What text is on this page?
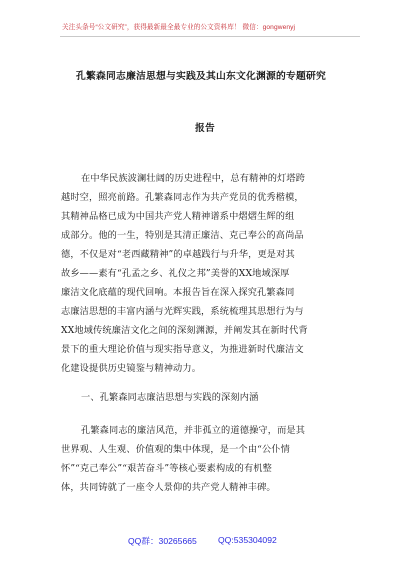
关注头条号“公文研究”，获得最新最全最专业的公文资料库！ 微信：gongwenyj
孔繁森同志廉洁思想与实践及其山东文化渊源的专题研究
报告
在中华民族波澜壮阔的历史进程中，总有精神的灯塔跨
越时空，照亮前路。孔繁森同志作为共产党员的优秀楷模，
其精神品格已成为中国共产党人精神谱系中熠熠生辉的组
成部分。他的一生，特别是其清正廉洁、克己奉公的高尚品
德，不仅是对“老西藏精神”的卓越践行与升华，更是对其
故乡——素有“孔孟之乡、礼仪之邦”美誉的XX地域深厚
廉洁文化底蕴的现代回响。本报告旨在深入探究孔繁森同
志廉洁思想的丰富内涵与光辉实践，系统梳理其思想行为与
XX地域传统廉洁文化之间的深刻渊源，并阐发其在新时代背
景下的重大理论价值与现实指导意义，为推进新时代廉洁文
化建设提供历史镜鉴与精神动力。
一、孔繁森同志廉洁思想与实践的深刻内涵
孔繁森同志的廉洁风范，并非孤立的道德操守，而是其
世界观、人生观、价值观的集中体现，是一个由“公仆情
怀”“克己奉公”“艰苦奋斗”等核心要素构成的有机整
体，共同铸就了一座令人景仰的共产党人精神丰碑。
QQ群：30265665 QQ:535304092
